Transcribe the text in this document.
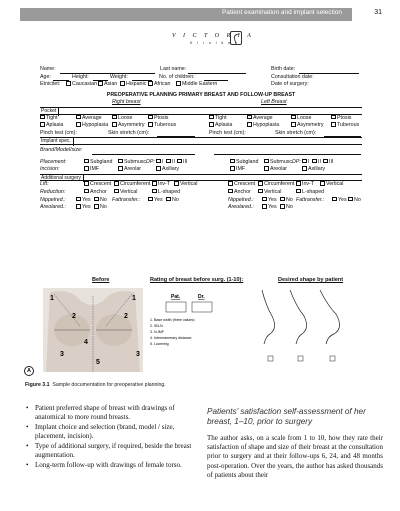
Patient examination and implant selection	31
V I C T O R I A
K l i n i k e n
Name:	Last name:	Birth date:
Age:	Height:	Weight:	No. of children:	Consultation date:
Etnicitet:	Caucasian	Asian	Hispanic	African	Middle Eastern	Date of surgery:
PREOPERATIVE PLANNING PRIMARY BREAST AND FOLLOW-UP BREAST
Right breast	Left Breast
Pocket
Tight	Average	Loose	Ptosis	Tight	Average	Loose	Ptosis
Aplasia	Hypoplasia	Asymmetry	Tuberous	Aplasia	Hypoplasia	Asymmetry	Tuberous
Pinch test (cm):	Skin stretch (cm):	Pinch test (cm):	Skin stretch (cm):
Implant spec.
Brand/Model/size:
Placement:	Subgland	Submusc DP:	I	II	III	Subgland	Submusc DP:	I	II	III
Incision:	IMF	Areolar	Axillary	IMF	Areolar	Axillary
Additional surgery
Lift:	Crescent	Circumferent	Inv-T	Vertical	Crescent	Circumferent	Inv-T	Vertical
Reduction:	Anchor	Vertical	L-shaped	Anchor	Vertical	L-shaped
Nippelred.:	Yes	No Fattransfer.:	Yes	No	Nippelred.:	Yes	No Fattransfer.:	Yes	No
Areolared.:	Yes	No	Areolared.:	Yes	No
Before	Rating of breast before surg. (1-10):	Desired shape by patient
1	1
2	2
3	3
4
5
Pat.	Dr.
1. Base width (three values)
2. SN-N
3. N-IMF
4. Intermammary distance
5. Lowering
A
Figure 3.1 Sample documentation for preoperative planning.
• Patient preferred shape of breast with drawings of anatomical to more round breasts.
• Implant choice and selection (brand, model / size, placement, incision).
• Type of additional surgery, if required, beside the breast augmentation.
• Long-term follow-up with drawings of female torso.
Patients’ satisfaction self-assessment of her breast, 1–10, prior to surgery
The author asks, on a scale from 1 to 10, how they rate their satisfaction of shape and size of their breast at the consultation prior to surgery and at their follow-ups 6, 24, and 48 months post-operation. Over the years, the author has asked thousands of patients about their
